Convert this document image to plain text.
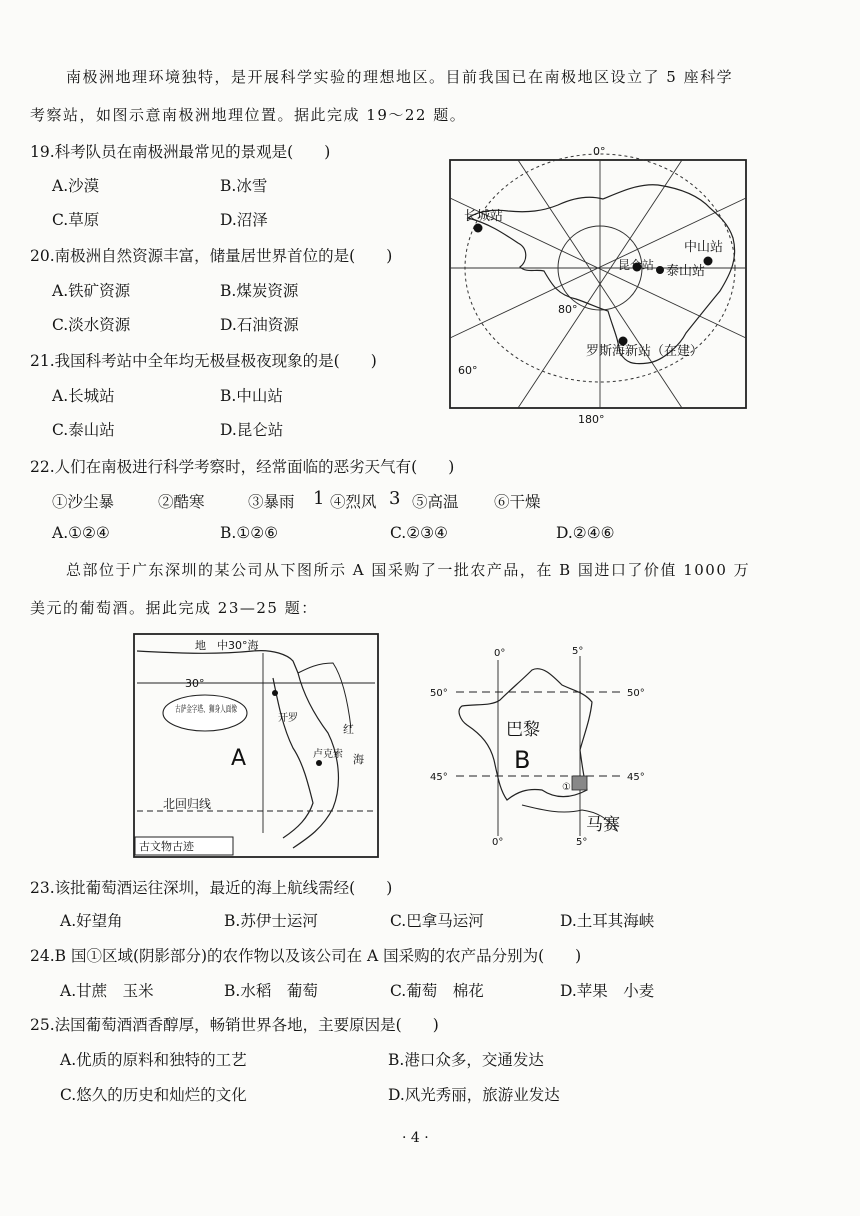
南极洲地理环境独特，是开展科学实验的理想地区。目前我国已在南极地区设立了 5 座科学
考察站，如图示意南极洲地理位置。据此完成 19～22 题。
19.科考队员在南极洲最常见的景观是(　　)
A.沙漠	B.冰雪
C.草原	D.沼泽
20.南极洲自然资源丰富，储量居世界首位的是(　　)
A.铁矿资源	B.煤炭资源
C.淡水资源	D.石油资源
21.我国科考站中全年均无极昼极夜现象的是(　　)
A.长城站	B.中山站
C.泰山站	D.昆仑站
0°
180°
60°
80°
长城站
中山站
昆仑站 泰山站
罗斯海新站（在建）
22.人们在南极进行科学考察时，经常面临的恶劣天气有(　　)
①沙尘暴	②酷寒	③暴雨 1 ④烈风 3 ⑤高温 ⑥干燥
A.①②④	B.①②⑥	C.②③④	D.②④⑥
总部位于广东深圳的某公司从下图所示 A 国采购了一批农产品，在 B 国进口了价值 1000 万
美元的葡萄酒。据此完成 23—25 题：
地　中30°海
30°
古萨金字塔、狮身人面像
开罗
红
海
A	卢克索
北回归线
古文物古迹
0°	5°
50°	50°
45°	45°
巴黎
B
①
马赛
5°
0°
23.该批葡萄酒运往深圳，最近的海上航线需经(　　)
A.好望角	B.苏伊士运河	C.巴拿马运河	D.土耳其海峡
24.B 国①区域(阴影部分)的农作物以及该公司在 A 国采购的农产品分别为(　　)
A.甘蔗　玉米	B.水稻　葡萄	C.葡萄　棉花	D.苹果　小麦
25.法国葡萄酒酒香醇厚，畅销世界各地，主要原因是(　　)
A.优质的原料和独特的工艺	B.港口众多，交通发达
C.悠久的历史和灿烂的文化	D.风光秀丽，旅游业发达
· 4 ·
